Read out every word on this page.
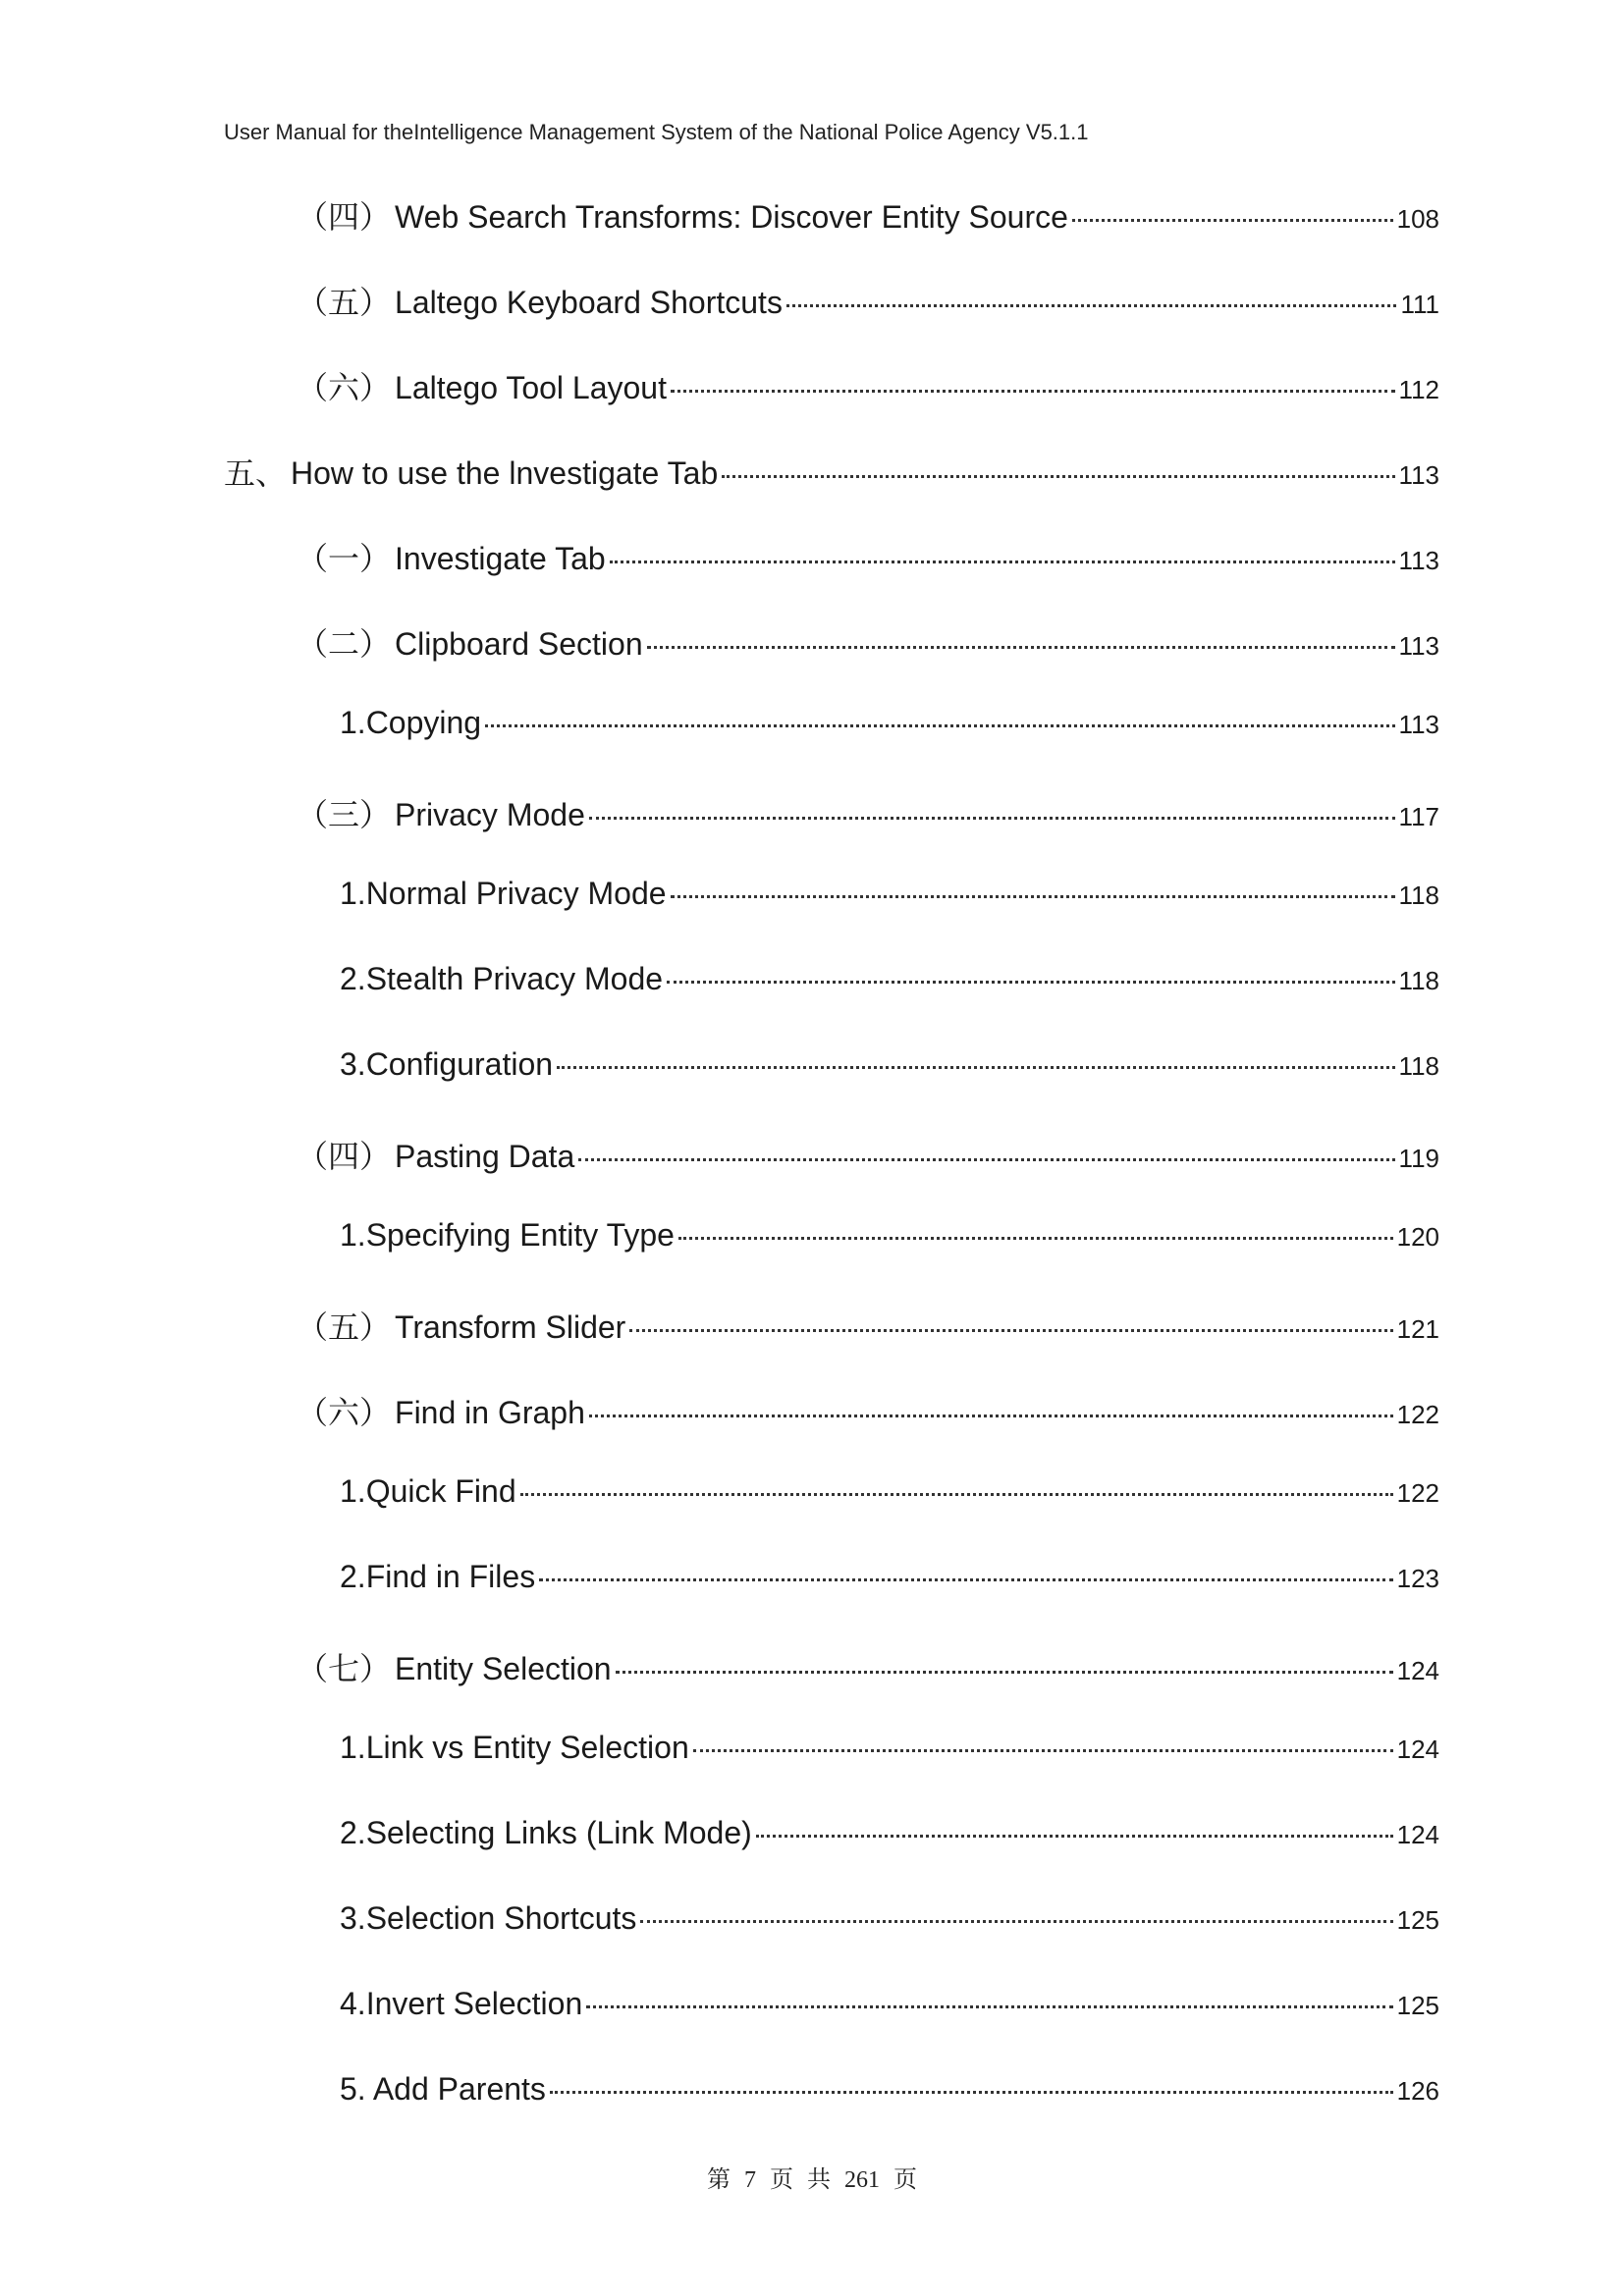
User Manual for theIntelligence Management System of the National Police Agency V5.1.1
（四） Web Search Transforms: Discover Entity Source	108
（五） Laltego Keyboard Shortcuts	111
（六） Laltego Tool Layout	112
五、 How to use the lnvestigate Tab	113
（一） Investigate Tab	113
（二） Clipboard Section	113
1.Copying	113
（三） Privacy Mode	117
1.Normal Privacy Mode	118
2.Stealth Privacy Mode	118
3.Configuration	118
（四） Pasting Data	119
1.Specifying Entity Type	120
（五） Transform Slider	121
（六） Find in Graph	122
1.Quick Find	122
2.Find in Files	123
（七） Entity Selection	124
1.Link vs Entity Selection	124
2.Selecting Links (Link Mode)	124
3.Selection Shortcuts	125
4.Invert Selection	125
5. Add Parents	126
第 7 页 共 261 页
